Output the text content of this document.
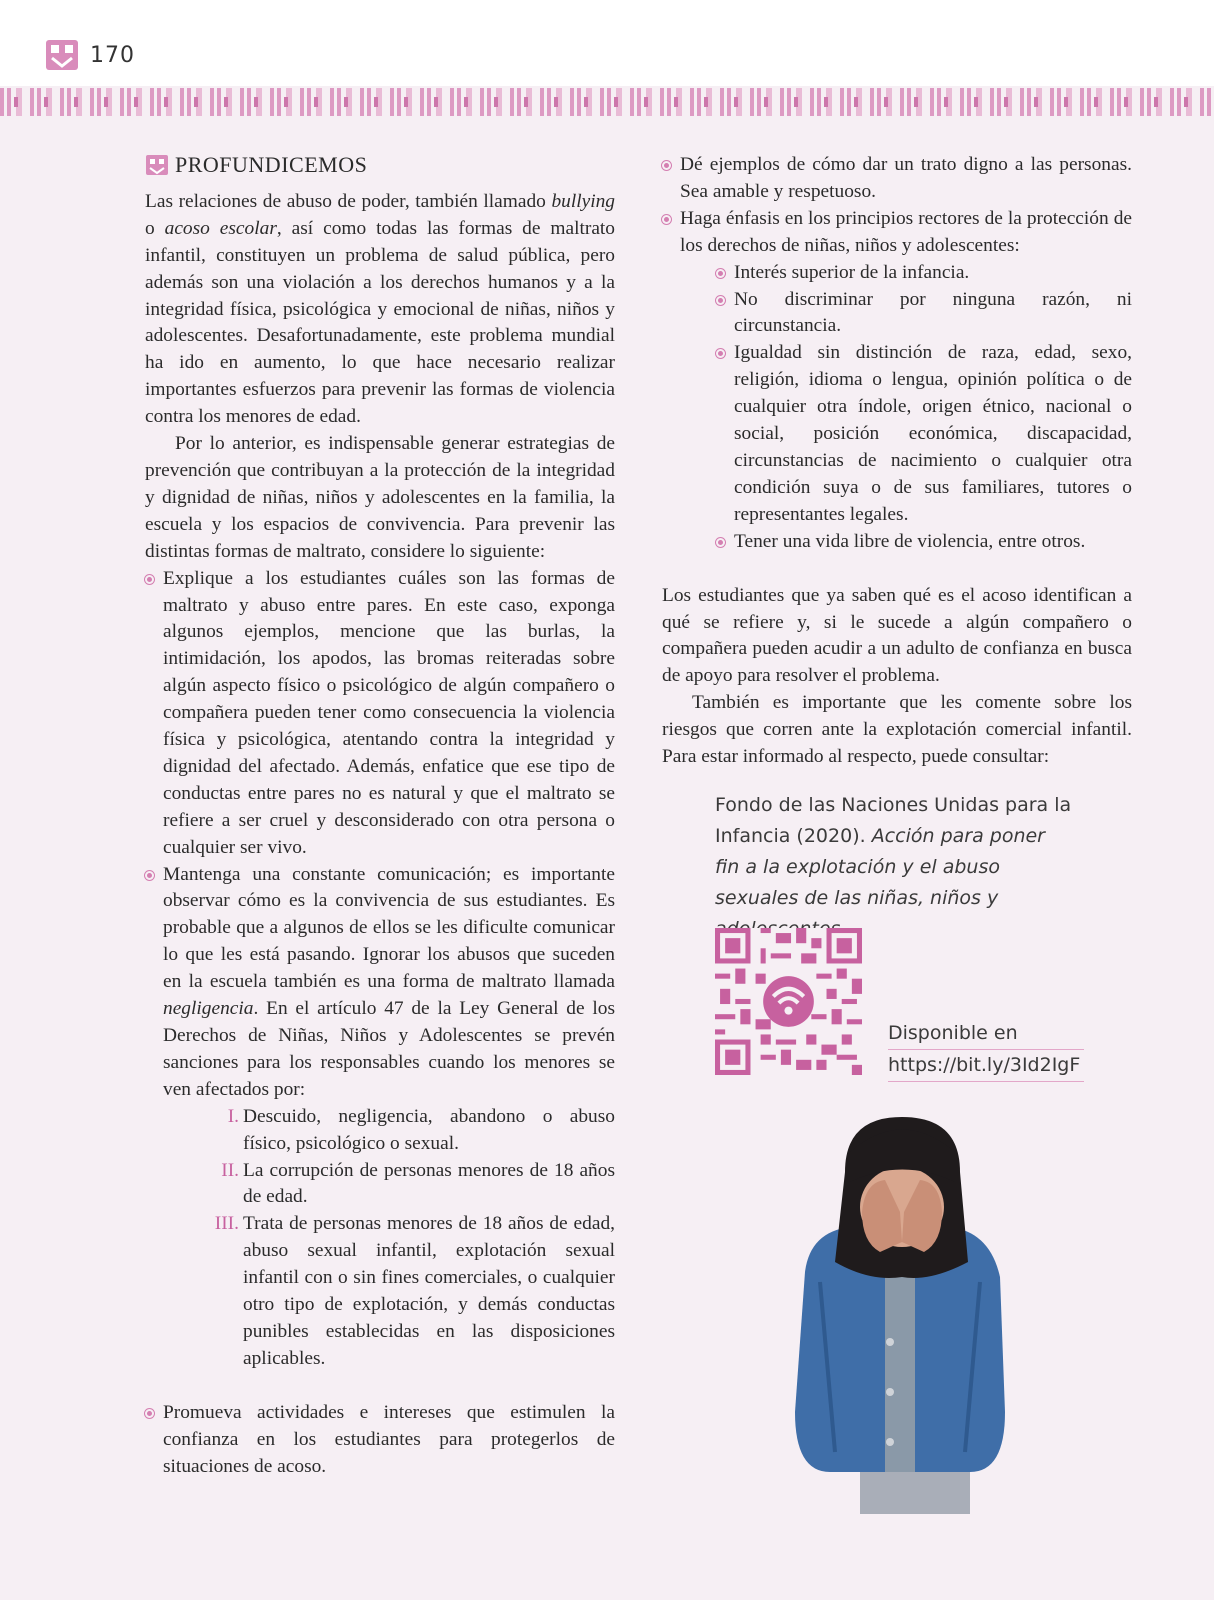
170
PROFUNDICEMOS

Las relaciones de abuso de poder, también llamado bullying o acoso escolar, así como todas las formas de maltrato infantil, constituyen un problema de salud pública, pero además son una violación a los derechos humanos y a la integridad física, psicológica y emocional de niñas, niños y adolescentes. Desafortunadamente, este problema mundial ha ido en aumento, lo que hace necesario realizar importantes esfuerzos para prevenir las formas de violencia contra los menores de edad.

Por lo anterior, es indispensable generar estrategias de prevención que contribuyan a la protección de la integridad y dignidad de niñas, niños y adolescentes en la familia, la escuela y los espacios de convivencia. Para prevenir las distintas formas de maltrato, considere lo siguiente:

Explique a los estudiantes cuáles son las formas de maltrato y abuso entre pares. En este caso, exponga algunos ejemplos, mencione que las burlas, la intimidación, los apodos, las bromas reiteradas sobre algún aspecto físico o psicológico de algún compañero o compañera pueden tener como consecuencia la violencia física y psicológica, atentando contra la integridad y dignidad del afectado. Además, enfatice que ese tipo de conductas entre pares no es natural y que el maltrato se refiere a ser cruel y desconsiderado con otra persona o cualquier ser vivo.
Mantenga una constante comunicación; es importante observar cómo es la convivencia de sus estudiantes. Es probable que a algunos de ellos se les dificulte comunicar lo que les está pasando. Ignorar los abusos que suceden en la escuela también es una forma de maltrato llamada negligencia. En el artículo 47 de la Ley General de los Derechos de Niñas, Niños y Adolescentes se prevén sanciones para los responsables cuando los menores se ven afectados por:
I. Descuido, negligencia, abandono o abuso físico, psicológico o sexual.
II. La corrupción de personas menores de 18 años de edad.
III. Trata de personas menores de 18 años de edad, abuso sexual infantil, explotación sexual infantil con o sin fines comerciales, o cualquier otro tipo de explotación, y demás conductas punibles establecidas en las disposiciones aplicables.
Promueva actividades e intereses que estimulen la confianza en los estudiantes para protegerlos de situaciones de acoso.
Dé ejemplos de cómo dar un trato digno a las personas. Sea amable y respetuoso.
Haga énfasis en los principios rectores de la protección de los derechos de niñas, niños y adolescentes:
Interés superior de la infancia.
No discriminar por ninguna razón, ni circunstancia.
Igualdad sin distinción de raza, edad, sexo, religión, idioma o lengua, opinión política o de cualquier otra índole, origen étnico, nacional o social, posición económica, discapacidad, circunstancias de nacimiento o cualquier otra condición suya o de sus familiares, tutores o representantes legales.
Tener una vida libre de violencia, entre otros.

Los estudiantes que ya saben qué es el acoso identifican a qué se refiere y, si le sucede a algún compañero o compañera pueden acudir a un adulto de confianza en busca de apoyo para resolver el problema.

También es importante que les comente sobre los riesgos que corren ante la explotación comercial infantil. Para estar informado al respecto, puede consultar:

Fondo de las Naciones Unidas para la Infancia (2020). Acción para poner fin a la explotación y el abuso sexuales de las niñas, niños y
Disponible en
https://bit.ly/3Id2IgF
